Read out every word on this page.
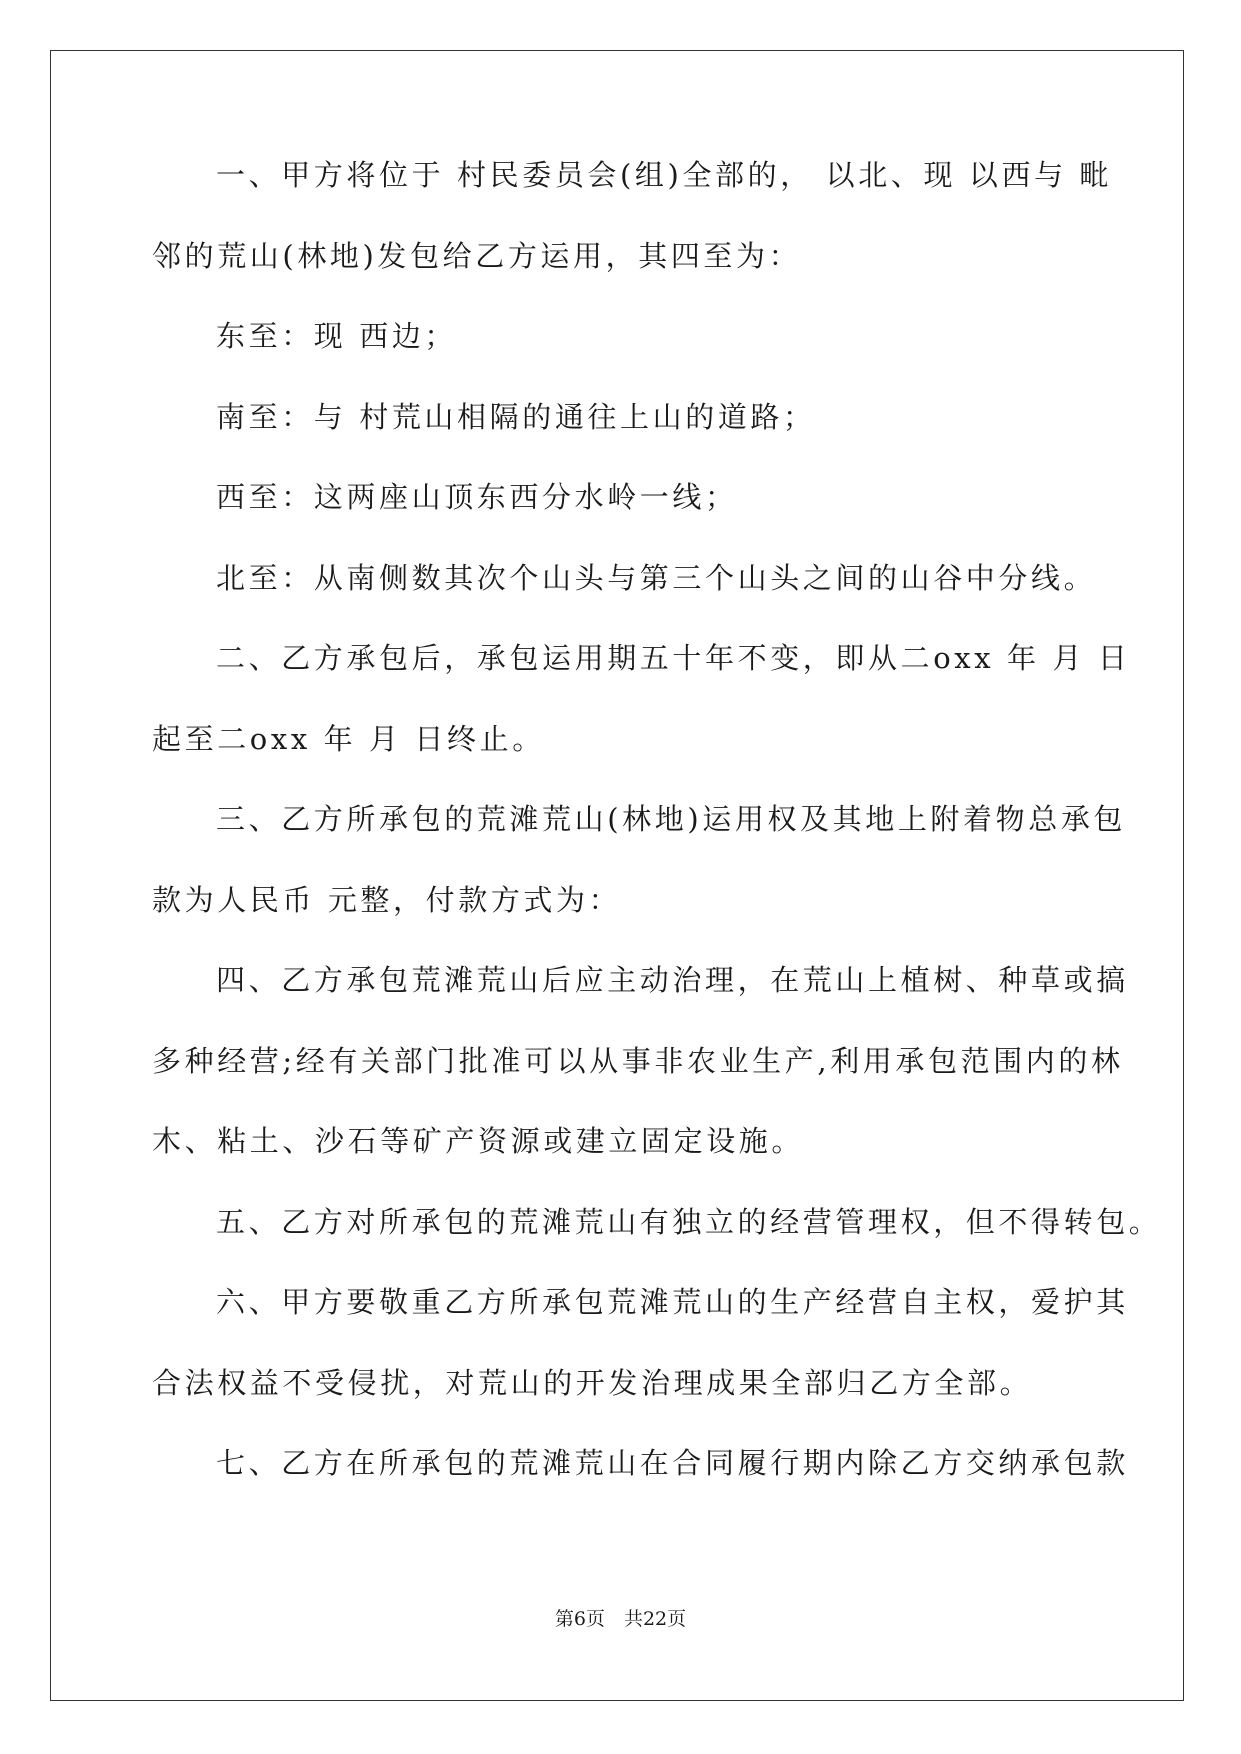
一、甲方将位于 村民委员会(组)全部的， 以北、现 以西与 毗
邻的荒山(林地)发包给乙方运用，其四至为：
东至：现 西边；
南至：与 村荒山相隔的通往上山的道路；
西至：这两座山顶东西分水岭一线；
北至：从南侧数其次个山头与第三个山头之间的山谷中分线。
二、乙方承包后，承包运用期五十年不变，即从二oxx 年 月 日
起至二oxx 年 月 日终止。
三、乙方所承包的荒滩荒山(林地)运用权及其地上附着物总承包
款为人民币 元整，付款方式为：
四、乙方承包荒滩荒山后应主动治理，在荒山上植树、种草或搞
多种经营;经有关部门批准可以从事非农业生产,利用承包范围内的林
木、粘土、沙石等矿产资源或建立固定设施。
五、乙方对所承包的荒滩荒山有独立的经营管理权，但不得转包。
六、甲方要敬重乙方所承包荒滩荒山的生产经营自主权，爱护其
合法权益不受侵扰，对荒山的开发治理成果全部归乙方全部。
七、乙方在所承包的荒滩荒山在合同履行期内除乙方交纳承包款
第6页　共22页
